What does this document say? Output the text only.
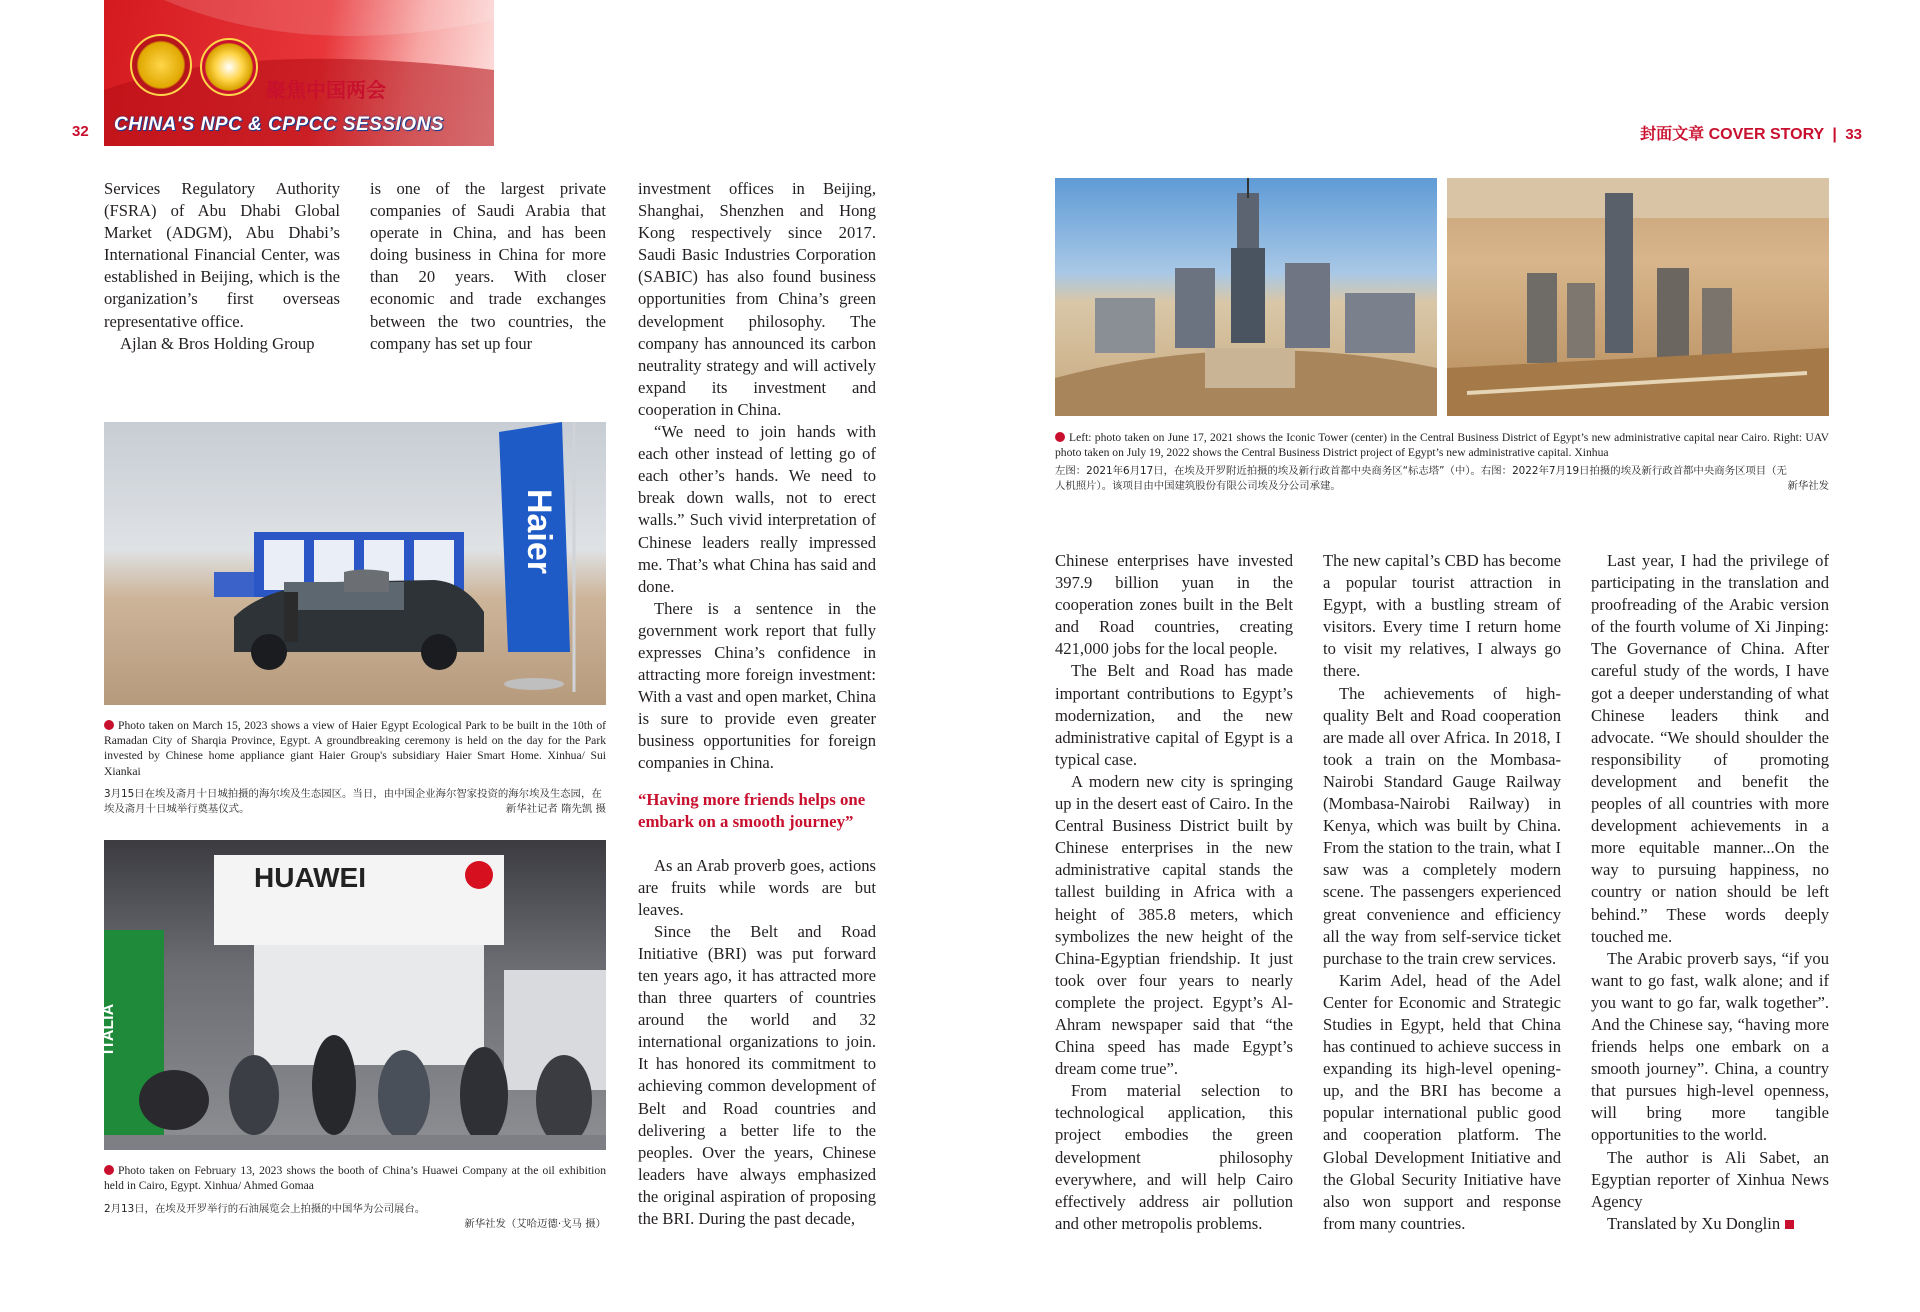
聚焦中国两会
CHINA'S NPC & CPPCC SESSIONS
32	封面文章 COVER STORY | 33

Services Regulatory Authority (FSRA) of Abu Dhabi Global Market (ADGM), Abu Dhabi’s International Financial Center, was established in Beijing, which is the organization’s first overseas representative office.

Ajlan & Bros Holding Group

is one of the largest private companies of Saudi Arabia that operate in China, and has been doing business in China for more than 20 years. With closer economic and trade exchanges between the two countries, the company has set up four

Haier
Photo taken on March 15, 2023 shows a view of Haier Egypt Ecological Park to be built in the 10th of Ramadan City of Sharqia Province, Egypt. A groundbreaking ceremony is held on the day for the Park invested by Chinese home appliance giant Haier Group's subsidiary Haier Smart Home. Xinhua/ Sui Xiankai
3月15日在埃及斋月十日城拍摄的海尔埃及生态园区。当日，由中国企业海尔智家投资的海尔埃及生态园，在埃及斋月十日城举行奠基仪式。	新华社记者 隋先凯 摄
HUAWEI
ITALIA
Photo taken on February 13, 2023 shows the booth of China’s Huawei Company at the oil exhibition held in Cairo, Egypt. Xinhua/ Ahmed Gomaa
2月13日，在埃及开罗举行的石油展览会上拍摄的中国华为公司展台。
新华社发（艾哈迈德·戈马 摄）

investment offices in Beijing, Shanghai, Shenzhen and Hong Kong respectively since 2017. Saudi Basic Industries Corporation (SABIC) has also found business opportunities from China’s green development philosophy. The company has announced its carbon neutrality strategy and will actively expand its investment and cooperation in China.

“We need to join hands with each other instead of letting go of each other’s hands. We need to break down walls, not to erect walls.” Such vivid interpretation of Chinese leaders really impressed me. That’s what China has said and done.

There is a sentence in the government work report that fully expresses China’s confidence in attracting more foreign investment: With a vast and open market, China is sure to provide even greater business opportunities for foreign companies in China.

“Having more friends helps one embark on a smooth journey”

As an Arab proverb goes, actions are fruits while words are but leaves.

Since the Belt and Road Initiative (BRI) was put forward ten years ago, it has attracted more than three quarters of countries around the world and 32 international organizations to join. It has honored its commitment to achieving common development of Belt and Road countries and delivering a better life to the peoples. Over the years, Chinese leaders have always emphasized the original aspiration of proposing the BRI. During the past decade,

Left: photo taken on June 17, 2021 shows the Iconic Tower (center) in the Central Business District of Egypt’s new administrative capital near Cairo. Right: UAV photo taken on July 19, 2022 shows the Central Business District project of Egypt’s new administrative capital. Xinhua
左图：2021年6月17日，在埃及开罗附近拍摄的埃及新行政首都中央商务区“标志塔”（中）。右图：2022年7月19日拍摄的埃及新行政首都中央商务区项目（无人机照片）。该项目由中国建筑股份有限公司埃及分公司承建。	新华社发

Chinese enterprises have invested 397.9 billion yuan in the cooperation zones built in the Belt and Road countries, creating 421,000 jobs for the local people.

The Belt and Road has made important contributions to Egypt’s modernization, and the new administrative capital of Egypt is a typical case.

A modern new city is springing up in the desert east of Cairo. In the Central Business District built by Chinese enterprises in the new administrative capital stands the tallest building in Africa with a height of 385.8 meters, which symbolizes the new height of the China-Egyptian friendship. It just took over four years to nearly complete the project. Egypt’s Al-Ahram newspaper said that “the China speed has made Egypt’s dream come true”.

From material selection to technological application, this project embodies the green development philosophy everywhere, and will help Cairo effectively address air pollution and other metropolis problems.

The new capital’s CBD has become a popular tourist attraction in Egypt, with a bustling stream of visitors. Every time I return home to visit my relatives, I always go there.

The achievements of high-quality Belt and Road cooperation are made all over Africa. In 2018, I took a train on the Mombasa-Nairobi Standard Gauge Railway (Mombasa-Nairobi Railway) in Kenya, which was built by China. From the station to the train, what I saw was a completely modern scene. The passengers experienced great convenience and efficiency all the way from self-service ticket purchase to the train crew services.

Karim Adel, head of the Adel Center for Economic and Strategic Studies in Egypt, held that China has continued to achieve success in expanding its high-level opening-up, and the BRI has become a popular international public good and cooperation platform. The Global Development Initiative and the Global Security Initiative have also won support and response from many countries.

Last year, I had the privilege of participating in the translation and proofreading of the Arabic version of the fourth volume of Xi Jinping: The Governance of China. After careful study of the words, I have got a deeper understanding of what Chinese leaders think and advocate. “We should shoulder the responsibility of promoting development and benefit the peoples of all countries with more development achievements in a more equitable manner...On the way to pursuing happiness, no country or nation should be left behind.” These words deeply touched me.

The Arabic proverb says, “if you want to go fast, walk alone; and if you want to go far, walk together”. And the Chinese say, “having more friends helps one embark on a smooth journey”. China, a country that pursues high-level openness, will bring more tangible opportunities to the world.

The author is Ali Sabet, an Egyptian reporter of Xinhua News Agency

Translated by Xu Donglin
